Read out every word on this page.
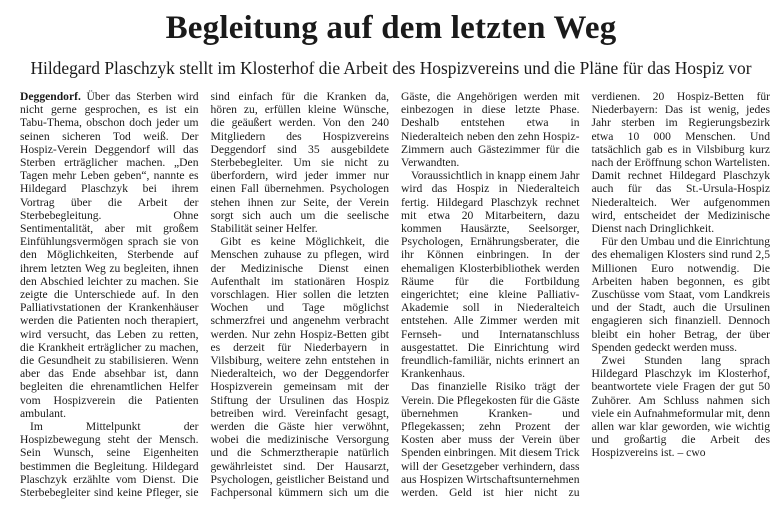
Begleitung auf dem letzten Weg
Hildegard Plaschzyk stellt im Klosterhof die Arbeit des Hospizvereins und die Pläne für das Hospiz vor

Deggendorf. Über das Sterben wird nicht gerne gesprochen, es ist ein Tabu-Thema, obschon doch jeder um seinen sicheren Tod weiß. Der Hospiz-Verein Deggendorf will das Sterben erträglicher machen. „Den Tagen mehr Leben geben“, nannte es Hildegard Plaschzyk bei ihrem Vortrag über die Arbeit der Sterbebegleitung. Ohne Sentimentalität, aber mit großem Einfühlungsvermögen sprach sie von den Möglichkeiten, Sterbende auf ihrem letzten Weg zu begleiten, ihnen den Abschied leichter zu machen. Sie zeigte die Unterschiede auf. In den Palliativstationen der Krankenhäuser werden die Patienten noch therapiert, wird versucht, das Leben zu retten, die Krankheit erträglicher zu machen, die Gesundheit zu stabilisieren. Wenn aber das Ende absehbar ist, dann begleiten die ehrenamtlichen Helfer vom Hospizverein die Patienten ambulant.

Im Mittelpunkt der Hospizbewegung steht der Mensch. Sein Wunsch, seine Eigenheiten bestimmen die Begleitung. Hildegard Plaschzyk erzählte vom Dienst. Die Sterbebegleiter sind keine Pfleger, sie sind einfach für die Kranken da, hören zu, erfüllen kleine Wünsche, die geäußert werden. Von den 240 Mitgliedern des Hospizvereins Deggendorf sind 35 ausgebildete Sterbebegleiter. Um sie nicht zu überfordern, wird jeder immer nur einen Fall übernehmen. Psychologen stehen ihnen zur Seite, der Verein sorgt sich auch um die seelische Stabilität seiner Helfer.

Gibt es keine Möglichkeit, die Menschen zuhause zu pflegen, wird der Medizinische Dienst einen Aufenthalt im stationären Hospiz vorschlagen. Hier sollen die letzten Wochen und Tage möglichst schmerzfrei und angenehm verbracht werden. Nur zehn Hospiz-Betten gibt es derzeit für Niederbayern in Vilsbiburg, weitere zehn entstehen in Niederalteich, wo der Deggendorfer Hospizverein gemeinsam mit der Stiftung der Ursulinen das Hospiz betreiben wird. Vereinfacht gesagt, werden die Gäste hier verwöhnt, wobei die medizinische Versorgung und die Schmerztherapie natürlich gewährleistet sind. Der Hausarzt, Psychologen, geistlicher Beistand und Fachpersonal kümmern sich um die Gäste, die Angehörigen werden mit einbezogen in diese letzte Phase. Deshalb entstehen etwa in Niederalteich neben den zehn Hospiz-Zimmern auch Gästezimmer für die Verwandten.

Voraussichtlich in knapp einem Jahr wird das Hospiz in Niederalteich fertig. Hildegard Plaschzyk rechnet mit etwa 20 Mitarbeitern, dazu kommen Hausärzte, Seelsorger, Psychologen, Ernährungsberater, die ihr Können einbringen. In der ehemaligen Klosterbibliothek werden Räume für die Fortbildung eingerichtet; eine kleine Palliativ-Akademie soll in Niederalteich entstehen. Alle Zimmer werden mit Fernseh- und Internatanschluss ausgestattet. Die Einrichtung wird freundlich-familiär, nichts erinnert an Krankenhaus.

Das finanzielle Risiko trägt der Verein. Die Pflegekosten für die Gäste übernehmen Kranken- und Pflegekassen; zehn Prozent der Kosten aber muss der Verein über Spenden einbringen. Mit diesem Trick will der Gesetzgeber verhindern, dass aus Hospizen Wirtschaftsunternehmen werden. Geld ist hier nicht zu verdienen. 20 Hospiz-Betten für Niederbayern: Das ist wenig, jedes Jahr sterben im Regierungsbezirk etwa 10 000 Menschen. Und tatsächlich gab es in Vilsbiburg kurz nach der Eröffnung schon Wartelisten. Damit rechnet Hildegard Plaschzyk auch für das St.-Ursula-Hospiz Niederalteich. Wer aufgenommen wird, entscheidet der Medizinische Dienst nach Dringlichkeit.

Für den Umbau und die Einrichtung des ehemaligen Klosters sind rund 2,5 Millionen Euro notwendig. Die Arbeiten haben begonnen, es gibt Zuschüsse vom Staat, vom Landkreis und der Stadt, auch die Ursulinen engagieren sich finanziell. Dennoch bleibt ein hoher Betrag, der über Spenden gedeckt werden muss.

Zwei Stunden lang sprach Hildegard Plaschzyk im Klosterhof, beantwortete viele Fragen der gut 50 Zuhörer. Am Schluss nahmen sich viele ein Aufnahmeformular mit, denn allen war klar geworden, wie wichtig und großartig die Arbeit des Hospizvereins ist. – cwo
